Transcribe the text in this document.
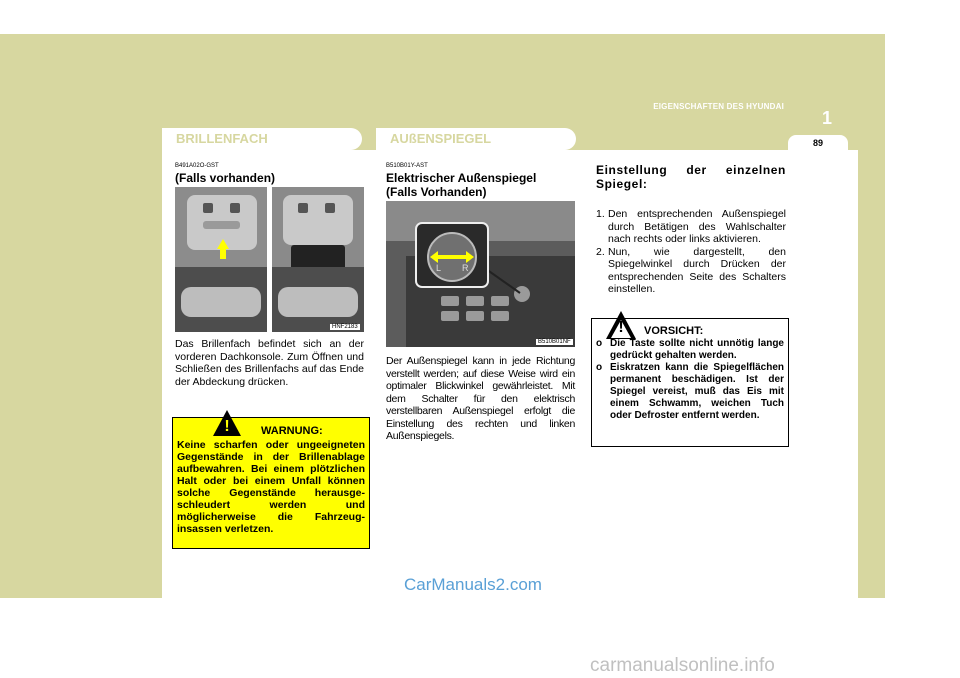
EIGENSCHAFTEN DES HYUNDAI
1
89
BRILLENFACH	AUßENSPIEGEL
B491A02O-GST
(Falls vorhanden)
HNF2183
Das Brillenfach befindet sich an der vorderen Dachkonsole. Zum Öffnen und Schließen des Brillenfachs auf das Ende der Abdeckung drücken.
!	WARNUNG:
Keine scharfen oder ungeeigneten Gegenstände in der Brillenablage aufbewahren. Bei einem plötzlichen Halt oder bei einem Unfall können solche Gegenstände herausge-schleudert werden und möglicherweise die Fahrzeug-insassen verletzen.
B510B01Y-AST
Elektrischer Außenspiegel
(Falls Vorhanden)
L R
B510B01NF
Der Außenspiegel kann in jede Richtung verstellt werden; auf diese Weise wird ein optimaler Blickwinkel gewährleistet. Mit dem Schalter für den elektrisch verstellbaren Außenspiegel erfolgt die Einstellung des rechten und linken Außenspiegels.
Einstellung der einzelnen Spiegel:
1. Den entsprechenden Außenspiegel durch Betätigen des Wahlschalter nach rechts oder links aktivieren.
2. Nun, wie dargestellt, den Spiegelwinkel durch Drücken der entsprechenden Seite des Schalters einstellen.
! VORSICHT:
o Die Taste sollte nicht unnötig lange gedrückt gehalten werden.
o Eiskratzen kann die Spiegelflächen permanent beschädigen. Ist der Spiegel vereist, muß das Eis mit einem Schwamm, weichen Tuch oder Defroster entfernt werden.
CarManuals2.com
carmanualsonline.info
